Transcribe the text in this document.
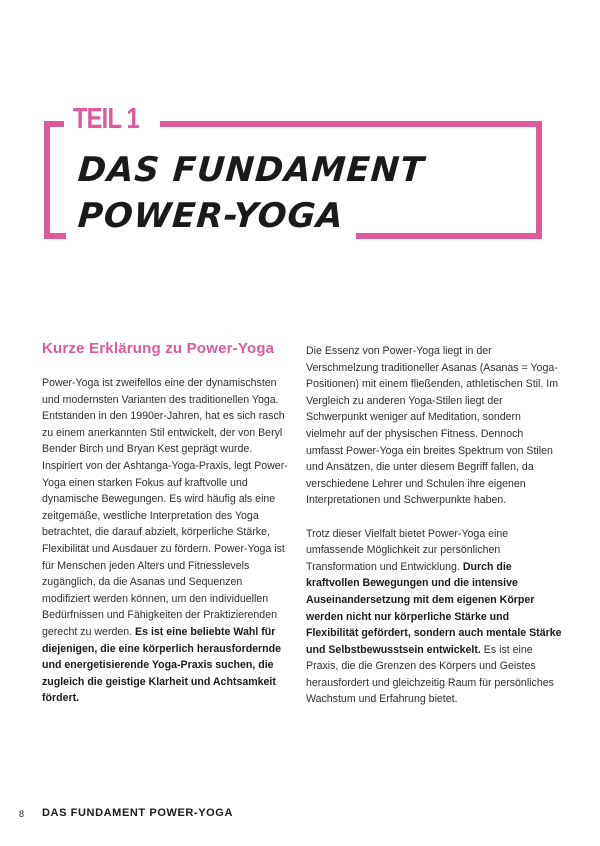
TEIL 1
DAS FUNDAMENT
POWER-YOGA
Kurze Erklärung zu Power-Yoga

Power-Yoga ist zweifellos eine der dynamischsten und modernsten Varianten des traditionellen Yoga. Entstanden in den 1990er-Jahren, hat es sich rasch zu einem anerkannten Stil entwickelt, der von Beryl Bender Birch und Bryan Kest geprägt wurde. Inspiriert von der Ashtanga-Yoga-Praxis, legt Power-Yoga einen starken Fokus auf kraftvolle und dynamische Bewegungen. Es wird häufig als eine zeitgemäße, westliche Interpretation des Yoga betrachtet, die darauf abzielt, körperliche Stärke, Flexibilität und Ausdauer zu fördern. Power-Yoga ist für Menschen jeden Alters und Fitnesslevels zugänglich, da die Asanas und Sequenzen modifiziert werden können, um den individuellen Bedürfnissen und Fähigkeiten der Praktizierenden gerecht zu werden. Es ist eine beliebte Wahl für diejenigen, die eine körperlich herausfordernde und energetisierende Yoga-Praxis suchen, die zugleich die geistige Klarheit und Achtsamkeit fördert.

Die Essenz von Power-Yoga liegt in der Verschmelzung traditioneller Asanas (Asanas = Yoga-Positionen) mit einem fließenden, athletischen Stil. Im Vergleich zu anderen Yoga-Stilen liegt der Schwerpunkt weniger auf Meditation, sondern vielmehr auf der physischen Fitness. Dennoch umfasst Power-Yoga ein breites Spektrum von Stilen und Ansätzen, die unter diesem Begriff fallen, da verschiedene Lehrer und Schulen ihre eigenen Interpretationen und Schwerpunkte haben.

Trotz dieser Vielfalt bietet Power-Yoga eine umfassende Möglichkeit zur persönlichen Transformation und Entwicklung. Durch die kraftvollen Bewegungen und die intensive Auseinandersetzung mit dem eigenen Körper werden nicht nur körperliche Stärke und Flexibilität gefördert, sondern auch mentale Stärke und Selbstbewusstsein entwickelt. Es ist eine Praxis, die die Grenzen des Körpers und Geistes herausfordert und gleichzeitig Raum für persönliches Wachstum und Erfahrung bietet.

8 DAS FUNDAMENT POWER-YOGA
